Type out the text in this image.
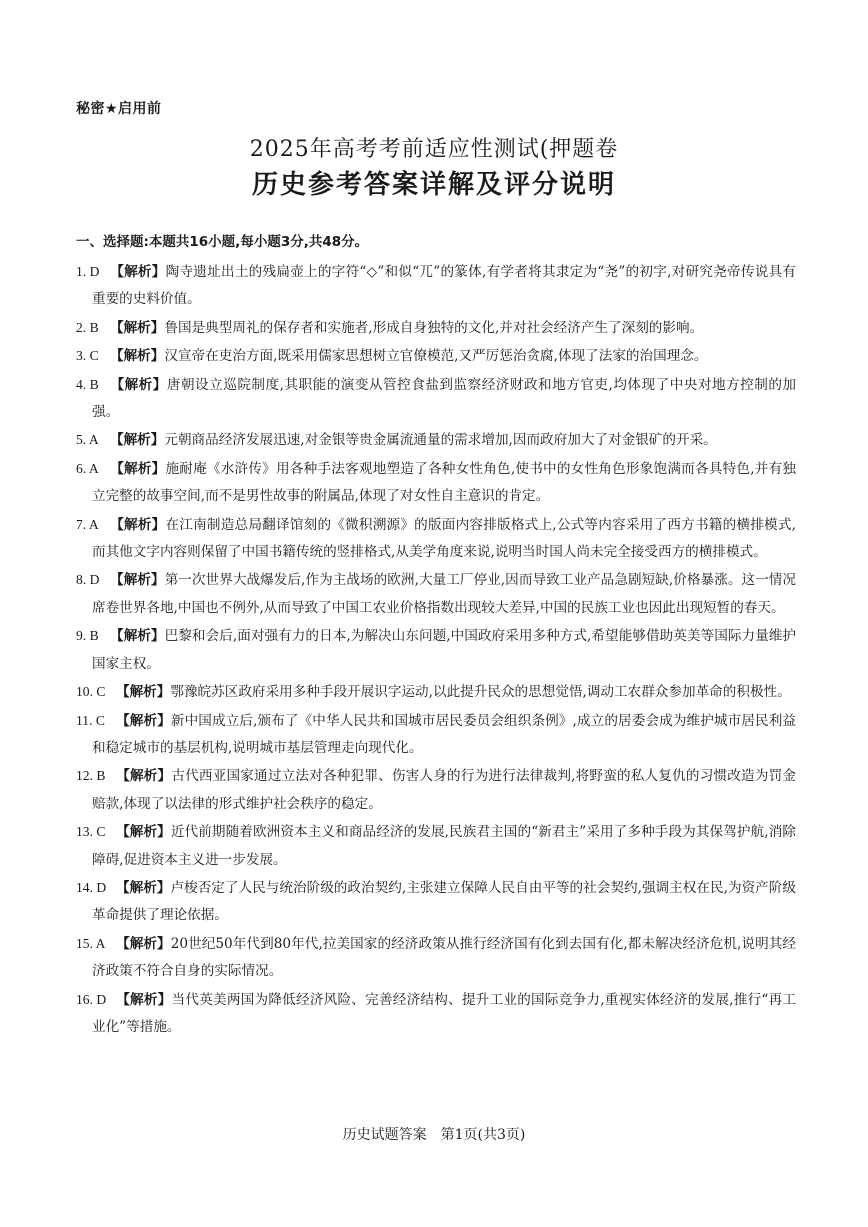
秘密★启用前
2025年高考考前适应性测试(押题卷
历史参考答案详解及评分说明
一、选择题:本题共16小题,每小题3分,共48分。

1. D 【解析】陶寺遗址出土的残扁壶上的字符“◇”和似“兀”的篆体,有学者将其隶定为“尧”的初字,对研究尧帝传说具有重要的史料价值。

2. B 【解析】鲁国是典型周礼的保存者和实施者,形成自身独特的文化,并对社会经济产生了深刻的影响。

3. C 【解析】汉宣帝在吏治方面,既采用儒家思想树立官僚模范,又严厉惩治贪腐,体现了法家的治国理念。

4. B 【解析】唐朝设立巡院制度,其职能的演变从管控食盐到监察经济财政和地方官吏,均体现了中央对地方控制的加强。

5. A 【解析】元朝商品经济发展迅速,对金银等贵金属流通量的需求增加,因而政府加大了对金银矿的开采。

6. A 【解析】施耐庵《水浒传》用各种手法客观地塑造了各种女性角色,使书中的女性角色形象饱满而各具特色,并有独立完整的故事空间,而不是男性故事的附属品,体现了对女性自主意识的肯定。

7. A 【解析】在江南制造总局翻译馆刻的《微积溯源》的版面内容排版格式上,公式等内容采用了西方书籍的横排模式,而其他文字内容则保留了中国书籍传统的竖排格式,从美学角度来说,说明当时国人尚未完全接受西方的横排模式。

8. D 【解析】第一次世界大战爆发后,作为主战场的欧洲,大量工厂停业,因而导致工业产品急剧短缺,价格暴涨。这一情况席卷世界各地,中国也不例外,从而导致了中国工农业价格指数出现较大差异,中国的民族工业也因此出现短暂的春天。

9. B 【解析】巴黎和会后,面对强有力的日本,为解决山东问题,中国政府采用多种方式,希望能够借助英美等国际力量维护国家主权。

10. C 【解析】鄂豫皖苏区政府采用多种手段开展识字运动,以此提升民众的思想觉悟,调动工农群众参加革命的积极性。

11. C 【解析】新中国成立后,颁布了《中华人民共和国城市居民委员会组织条例》,成立的居委会成为维护城市居民利益和稳定城市的基层机构,说明城市基层管理走向现代化。

12. B 【解析】古代西亚国家通过立法对各种犯罪、伤害人身的行为进行法律裁判,将野蛮的私人复仇的习惯改造为罚金赔款,体现了以法律的形式维护社会秩序的稳定。

13. C 【解析】近代前期随着欧洲资本主义和商品经济的发展,民族君主国的“新君主”采用了多种手段为其保驾护航,消除障碍,促进资本主义进一步发展。

14. D 【解析】卢梭否定了人民与统治阶级的政治契约,主张建立保障人民自由平等的社会契约,强调主权在民,为资产阶级革命提供了理论依据。

15. A 【解析】20世纪50年代到80年代,拉美国家的经济政策从推行经济国有化到去国有化,都未解决经济危机,说明其经济政策不符合自身的实际情况。

16. D 【解析】当代英美两国为降低经济风险、完善经济结构、提升工业的国际竞争力,重视实体经济的发展,推行“再工业化”等措施。

历史试题答案　第1页(共3页)
